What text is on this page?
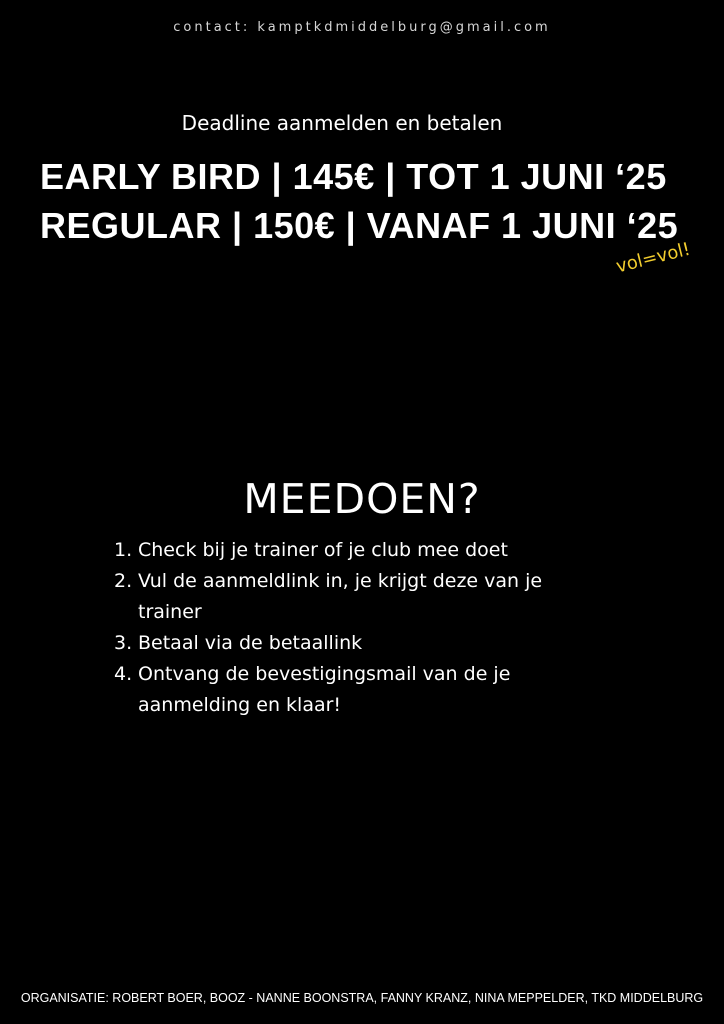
contact: kamptkdmiddelburg@gmail.com
Deadline aanmelden en betalen
EARLY BIRD | 145€ | TOT 1 JUNI ‘25
REGULAR | 150€ | VANAF 1 JUNI ‘25
vol=vol!
MEEDOEN?
1. Check bij je trainer of je club mee doet
2. Vul de aanmeldlink in, je krijgt deze van je trainer
3. Betaal via de betaallink
4. Ontvang de bevestigingsmail van de je aanmelding en klaar!
ORGANISATIE: ROBERT BOER, BOOZ - NANNE BOONSTRA, FANNY KRANZ, NINA MEPPELDER, TKD MIDDELBURG
